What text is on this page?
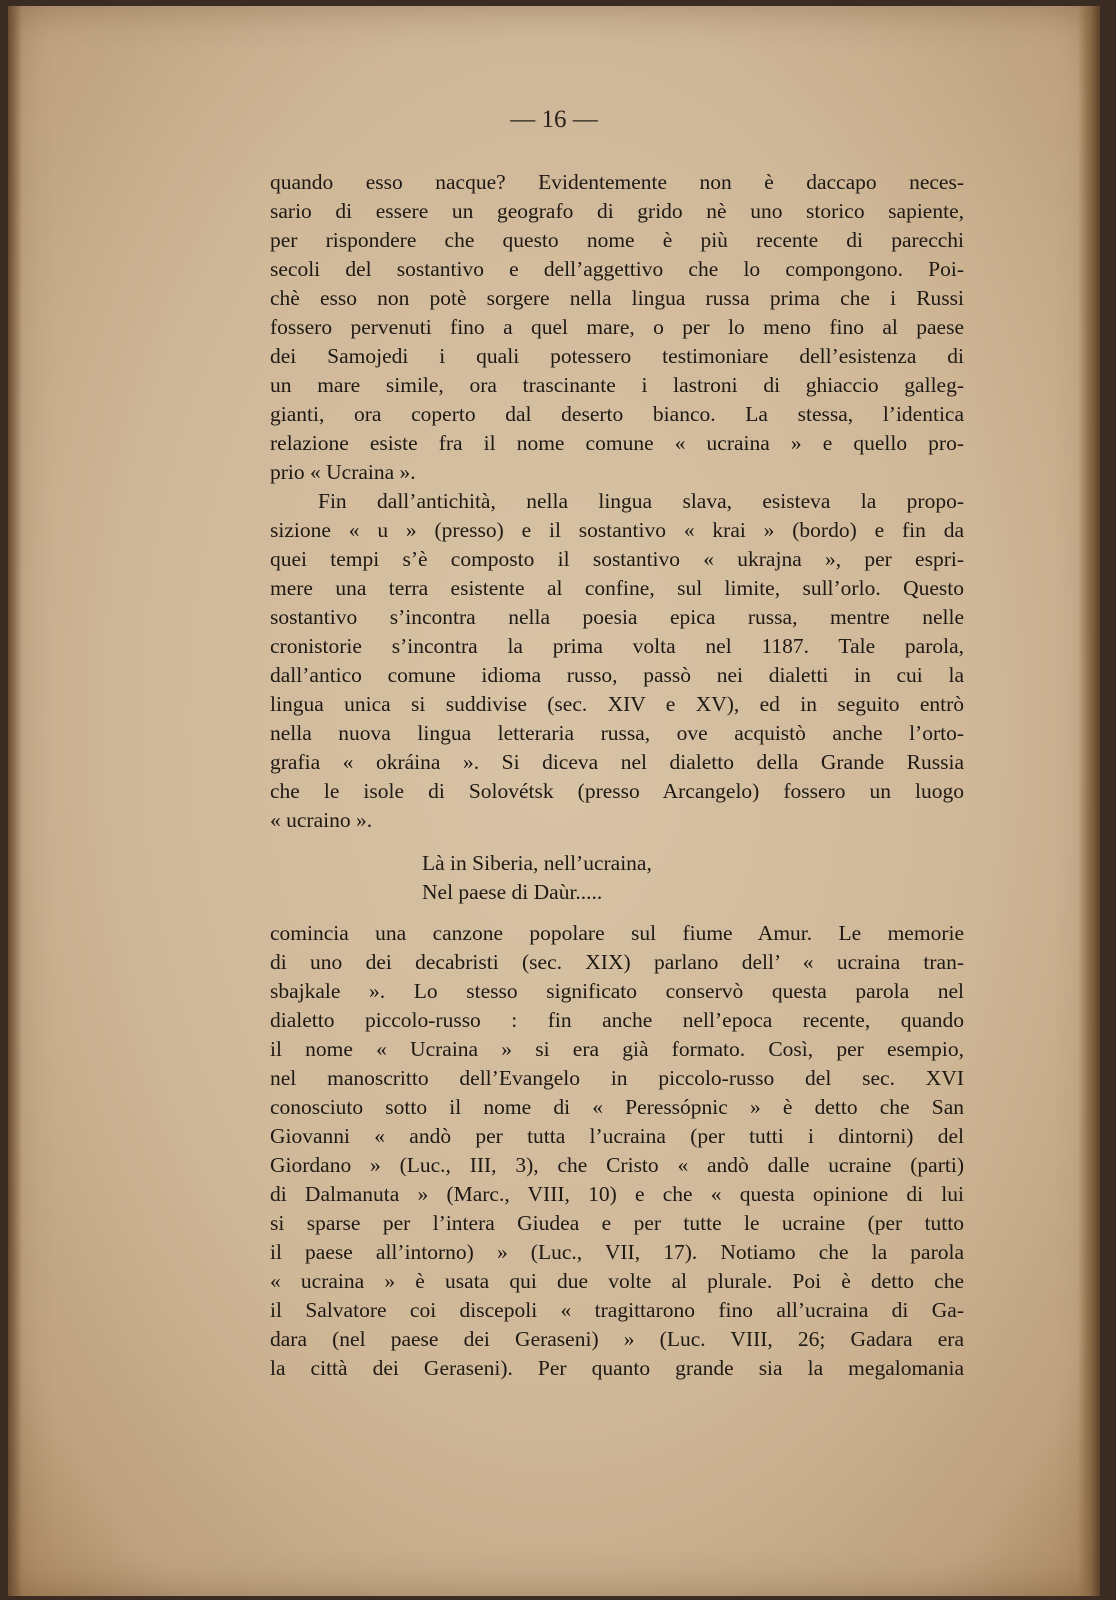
— 16 —
quando esso nacque? Evidentemente non è daccapo neces-
sario di essere un geografo di grido nè uno storico sapiente,
per rispondere che questo nome è più recente di parecchi
secoli del sostantivo e dell’aggettivo che lo compongono. Poi-
chè esso non potè sorgere nella lingua russa prima che i Russi
fossero pervenuti fino a quel mare, o per lo meno fino al paese
dei Samojedi i quali potessero testimoniare dell’esistenza di
un mare simile, ora trascinante i lastroni di ghiaccio galleg-
gianti, ora coperto dal deserto bianco. La stessa, l’identica
relazione esiste fra il nome comune « ucraina » e quello pro-
prio « Ucraina ».
Fin dall’antichità, nella lingua slava, esisteva la propo-
sizione « u » (presso) e il sostantivo « krai » (bordo) e fin da
quei tempi s’è composto il sostantivo « ukrajna », per espri-
mere una terra esistente al confine, sul limite, sull’orlo. Questo
sostantivo s’incontra nella poesia epica russa, mentre nelle
cronistorie s’incontra la prima volta nel 1187. Tale parola,
dall’antico comune idioma russo, passò nei dialetti in cui la
lingua unica si suddivise (sec. XIV e XV), ed in seguito entrò
nella nuova lingua letteraria russa, ove acquistò anche l’orto-
grafia « okráina ». Si diceva nel dialetto della Grande Russia
che le isole di Solovétsk (presso Arcangelo) fossero un luogo
« ucraino ».
Là in Siberia, nell’ucraina,
Nel paese di Daùr.....
comincia una canzone popolare sul fiume Amur. Le memorie
di uno dei decabristi (sec. XIX) parlano dell’ « ucraina tran-
sbajkale ». Lo stesso significato conservò questa parola nel
dialetto piccolo-russo : fin anche nell’epoca recente, quando
il nome « Ucraina » si era già formato. Così, per esempio,
nel manoscritto dell’Evangelo in piccolo-russo del sec. XVI
conosciuto sotto il nome di « Peressópnic » è detto che San
Giovanni « andò per tutta l’ucraina (per tutti i dintorni) del
Giordano » (Luc., III, 3), che Cristo « andò dalle ucraine (parti)
di Dalmanuta » (Marc., VIII, 10) e che « questa opinione di lui
si sparse per l’intera Giudea e per tutte le ucraine (per tutto
il paese all’intorno) » (Luc., VII, 17). Notiamo che la parola
« ucraina » è usata qui due volte al plurale. Poi è detto che
il Salvatore coi discepoli « tragittarono fino all’ucraina di Ga-
dara (nel paese dei Geraseni) » (Luc. VIII, 26; Gadara era
la città dei Geraseni). Per quanto grande sia la megalomania
